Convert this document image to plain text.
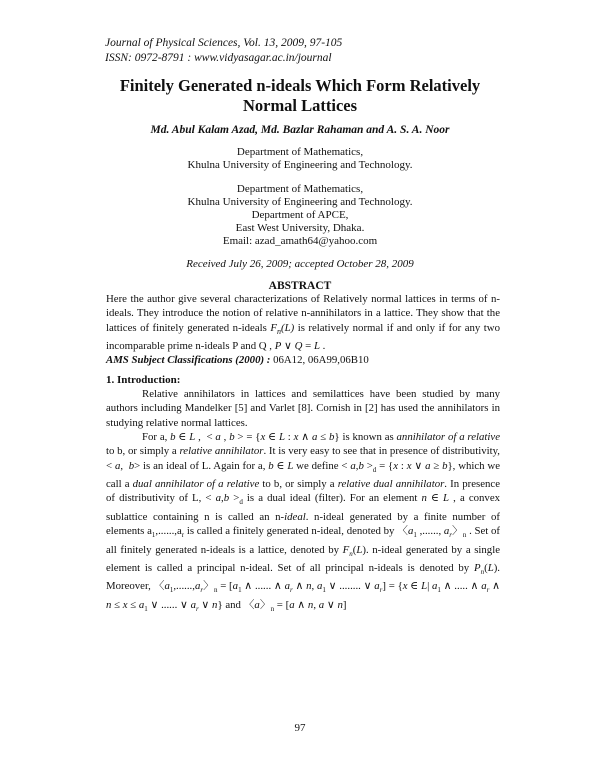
Journal of Physical Sciences, Vol. 13, 2009, 97-105
ISSN: 0972-8791 : www.vidyasagar.ac.in/journal
Finitely Generated n-ideals Which Form Relatively
Normal Lattices
Md. Abul Kalam Azad, Md. Bazlar Rahaman and A. S. A. Noor
Department of Mathematics,
Khulna University of Engineering and Technology.
Department of Mathematics,
Khulna University of Engineering and Technology.
Department of APCE,
East West University, Dhaka.
Email: azad_amath64@yahoo.com
Received July 26, 2009; accepted October 28, 2009
ABSTRACT
Here the author give several characterizations of Relatively normal lattices in terms of n-ideals. They introduce the notion of relative n-annihilators in a lattice. They show that the lattices of finitely generated n-ideals $F_n(L)$ is relatively normal if and only if for any two incomparable prime n-ideals P and Q , P ∨ Q = L .
AMS Subject Classifications (2000) : 06A12, 06A99,06B10
1. Introduction:
Relative annihilators in lattices and semilattices have been studied by many authors including Mandelker [5] and Varlet [8]. Cornish in [2] has used the annihilators in studying relative normal lattices.
For a, b ∈ L ,  < a , b > = {x ∈ L : x ∧ a ≤ b} is known as annihilator of a relative to b, or simply a relative annihilator. It is very easy to see that in presence of distributivity, < a,  b> is an ideal of L. Again for a, b ∈ L we define < $a,b >_d = \{x$ : x ∨ a ≥ b}, which we call a dual annihilator of a relative to b, or simply a relative dual annihilator. In presence of distributivity of L, < $a,b >_d$ is a dual ideal (filter). For an element n ∈ L , a convex sublattice containing n is called an n-ideal. n-ideal generated by a finite number of elements $a_1,......,a_r$ is called a finitely generated n-ideal, denoted by 〈$a_1$ ,......, $a_r$〉$_n$ . Set of all finitely generated n-ideals is a lattice, denoted by $F_n(L)$. n-ideal generated by a single element is called a principal n-ideal. Set of all principal n-ideals is denoted by $P_n(L)$. Moreover, 〈$a_1,......,a_r$〉$_n = [a_1$ ∧ ...... ∧ $a_r$ ∧ n, $a_1$ ∨ ........ ∨ $a_r] = \{x$ ∈ L| $a_1$ ∧ ..... ∧ $a_r$ ∧ $n \le x \le a_1$ ∨ ...... ∨ $a_r$ ∨ n} and 〈a〉$_n$ = [a ∧ n, a ∨ n]
97
